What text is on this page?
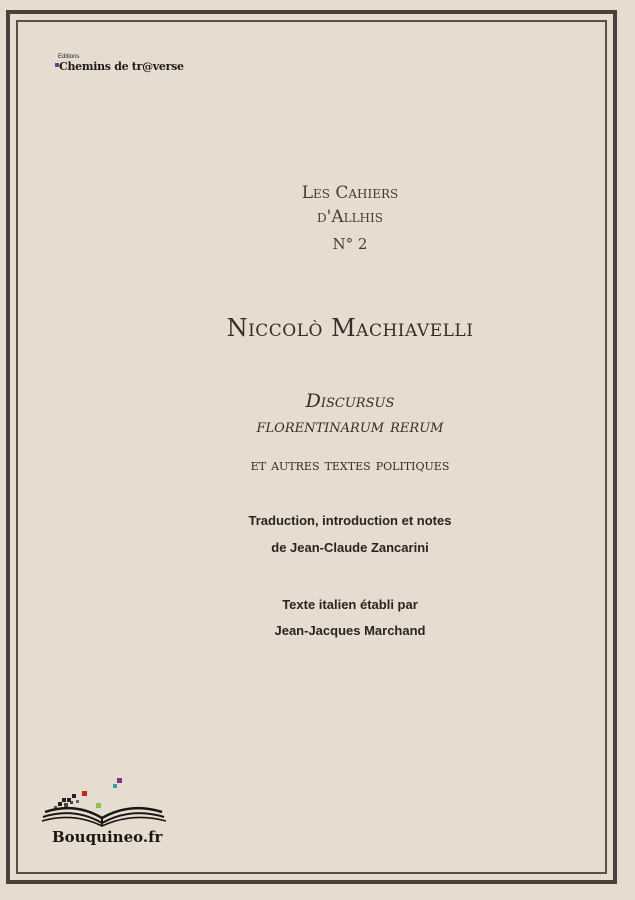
Editions
Chemins de tr@verse
Les Cahiers
d'Allhis
N° 2
Niccolò Machiavelli
Discursus
florentinarum rerum
et autres textes politiques
Traduction, introduction et notes
de Jean-Claude Zancarini
Texte italien établi par
Jean-Jacques Marchand
Bouquineo.fr
